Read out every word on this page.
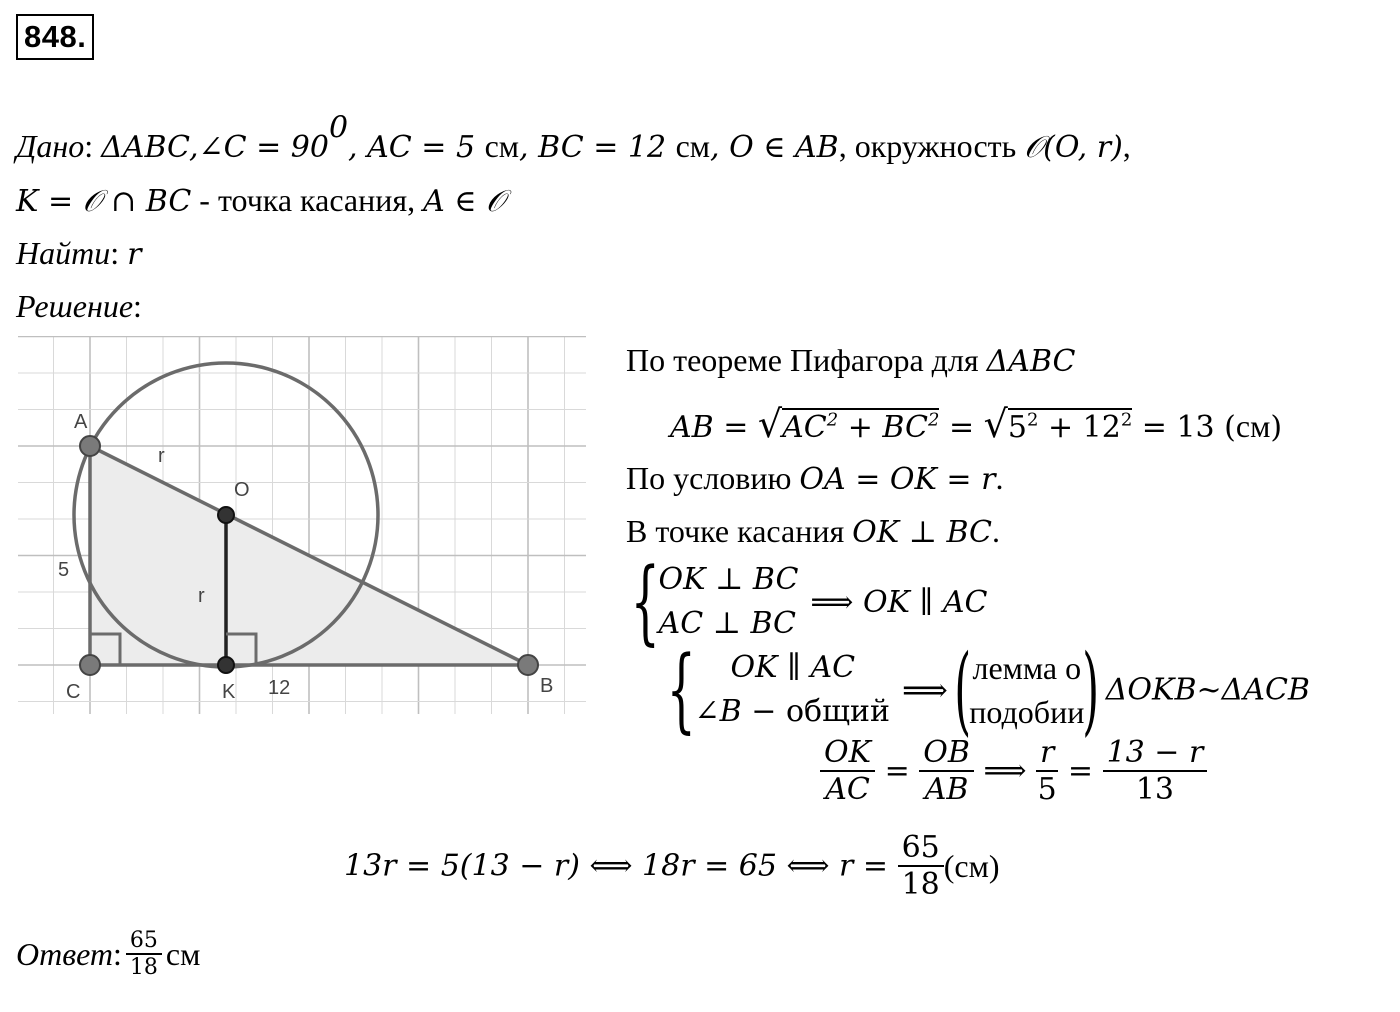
848.
Дано: ΔABC,∠C = $90^0$, AC = 5 см, BC = 12 см, O ∈ AB, окружность 𝒪(O, r),
K = 𝒪 ∩ BC - точка касания, A ∈ 𝒪
Найти: r
Решение:
A
O
C	K	B
r
r
5
12
По теореме Пифагора для ΔABC
AB = $√AC^2 + BC^2 = √5^2 + 12^2 = 13$ (см)
По условию OA = OK = r.
В точке касания OK ⊥ BC.
{
OK ⊥ BC
AC ⊥ BC
⟹ OK ∥ AC
{	OK ∥ AC
∠B − общий
⟹( лемма о
подобии
) ΔOKB~ΔACB
$\frac{OK}{AC} = \frac{OB}{AB}$ ⟹ $\frac{r}{5} = \frac{13 - r}{13}$
13r = 5(13 − r) ⟺ 18r = 65 ⟺ $r = \frac{65}{18} (см)$
Ответ: $\frac{65}{18}$ см
